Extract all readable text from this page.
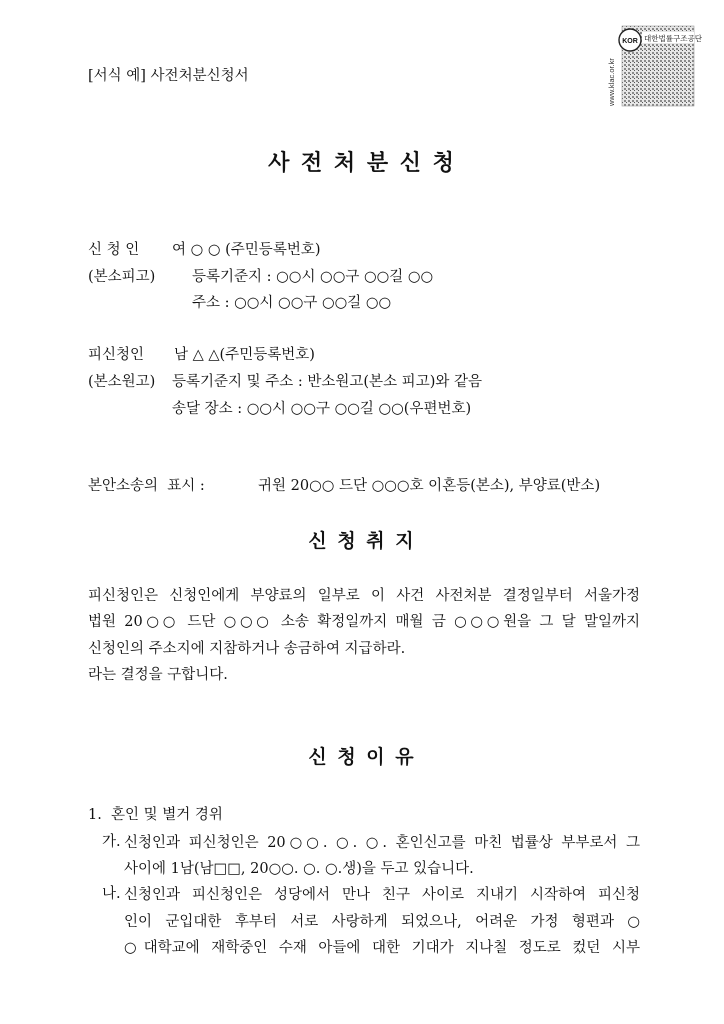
[서식 예] 사전처분신청서	www.klac.or.kr
KOR 대한법률구조공단
사 전 처 분 신 청
신 청 인 여 ○ ○ (주민등록번호)
(본소피고)	등록기준지 : ○○시 ○○구 ○○길 ○○
주소 : ○○시 ○○구 ○○길 ○○
피신청인 남 △ △(주민등록번호)
(본소원고) 등록기준지 및 주소 : 반소원고(본소 피고)와 같음
송달 장소 : ○○시 ○○구 ○○길 ○○(우편번호)
본안소송의  표시 :	귀원 20○○ 드단 ○○○호 이혼등(본소), 부양료(반소)
신 청 취 지
피신청인은 신청인에게 부양료의 일부로 이 사건 사전처분 결정일부터 서울가정
법원 20○○ 드단 ○○○ 소송 확정일까지 매월 금 ○○○원을 그 달 말일까지
신청인의 주소지에 지참하거나 송금하여 지급하라.
라는 결정을 구합니다.
신 청 이 유
1.  혼인 및 별거 경위
가. 신청인과 피신청인은 20○○. ○. ○. 혼인신고를 마친 법률상 부부로서 그
사이에 1남(남□□, 20○○. ○. ○.생)을 두고 있습니다.
나. 신청인과 피신청인은 성당에서 만나 친구 사이로 지내기 시작하여 피신청
인이 군입대한 후부터 서로 사랑하게 되었으나, 어려운 가정 형편과 ○
○대학교에 재학중인 수재 아들에 대한 기대가 지나칠 정도로 컸던 시부
